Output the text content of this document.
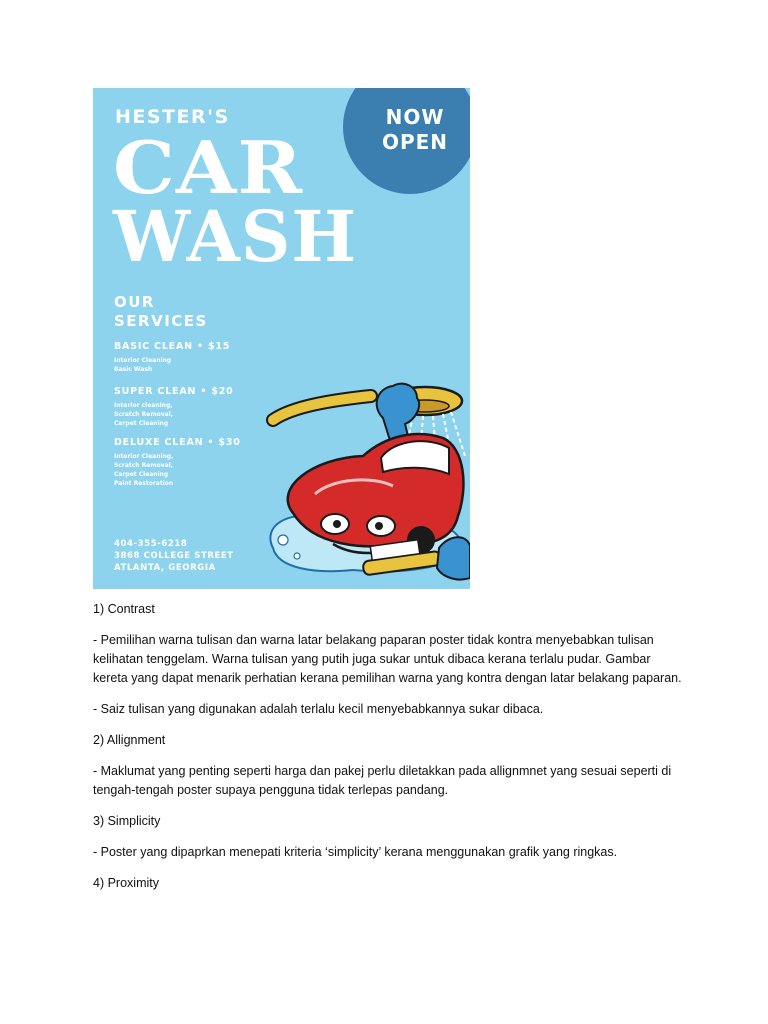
NOW
OPEN
HESTER'S
CAR
WASH
OUR
SERVICES
BASIC CLEAN • $15
Interior Cleaning
Basic Wash
SUPER CLEAN • $20
Interior cleaning,
Scratch Removal,
Carpet Cleaning
DELUXE CLEAN • $30
Interior Cleaning,
Scratch Removal,
Carpet Cleaning
Paint Restoration
404-355-6218
3868 COLLEGE STREET
ATLANTA, GEORGIA

1) Contrast

- Pemilihan warna tulisan dan warna latar belakang paparan poster tidak kontra menyebabkan tulisan kelihatan tenggelam. Warna tulisan yang putih juga sukar untuk dibaca kerana terlalu pudar. Gambar kereta yang dapat menarik perhatian kerana pemilihan warna yang kontra dengan latar belakang paparan.

- Saiz tulisan yang digunakan adalah terlalu kecil menyebabkannya sukar dibaca.

2) Allignment

- Maklumat yang penting seperti harga dan pakej perlu diletakkan pada allignmnet yang sesuai seperti di tengah-tengah poster supaya pengguna tidak terlepas pandang.

3) Simplicity

- Poster yang dipaprkan menepati kriteria ‘simplicity’ kerana menggunakan grafik yang ringkas.

4) Proximity
